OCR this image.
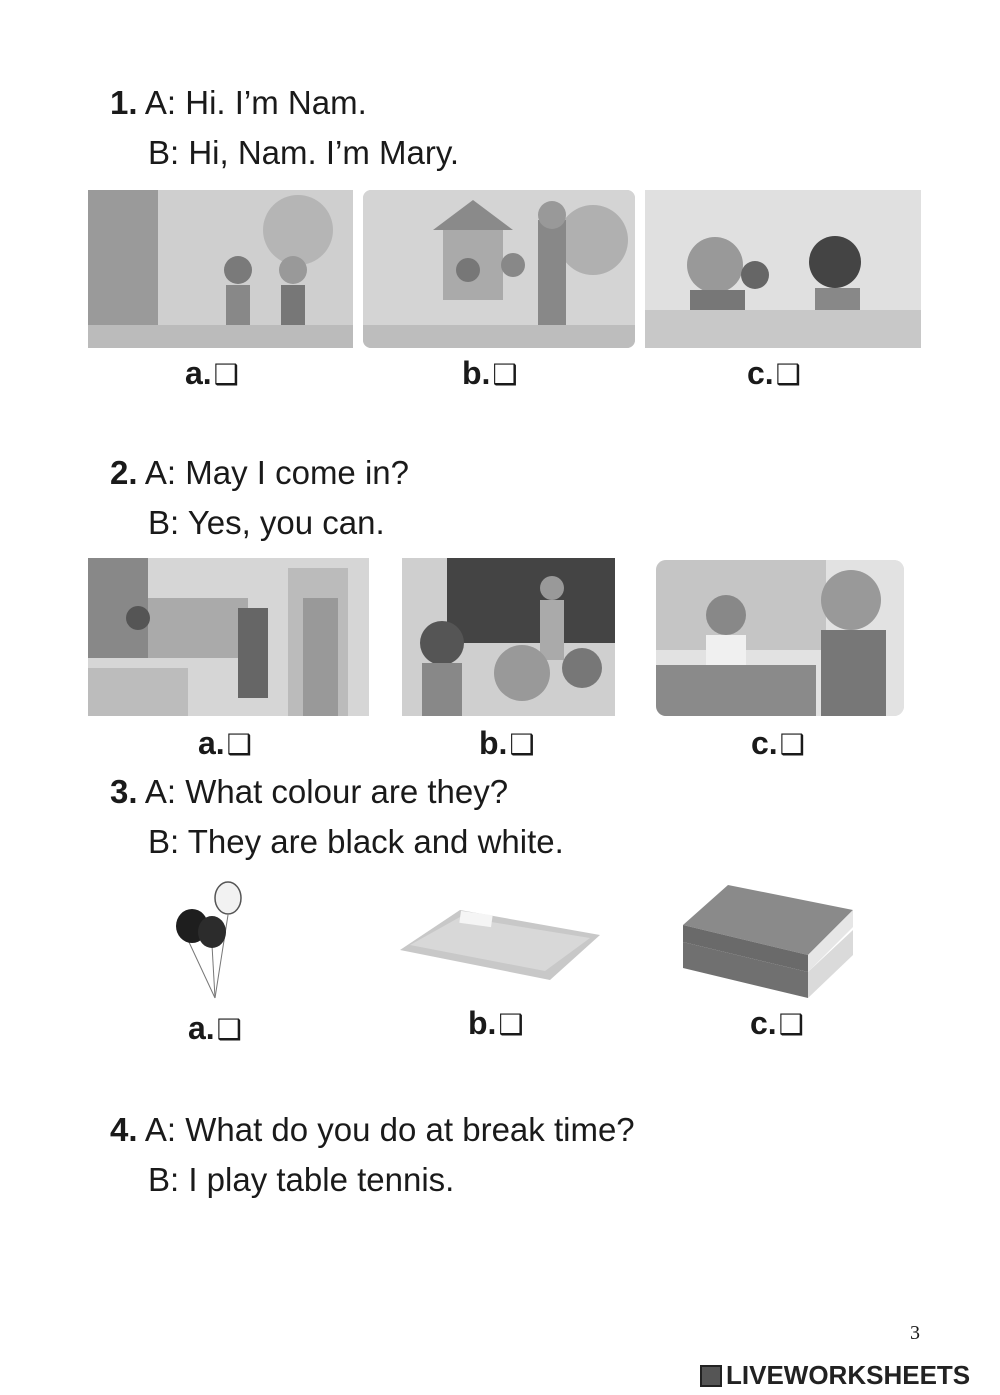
1. A: Hi. I’m Nam.
B: Hi, Nam. I’m Mary.
a.❑	b.❑	c.❑
2. A: May I come in?
B: Yes, you can.
a.❑	b.❑	c.❑
3. A: What colour are they?
B: They are black and white.
a.❑	b.❑	c.❑
4. A: What do you do at break time?
B: I play table tennis.
3
LIVEWORKSHEETS
